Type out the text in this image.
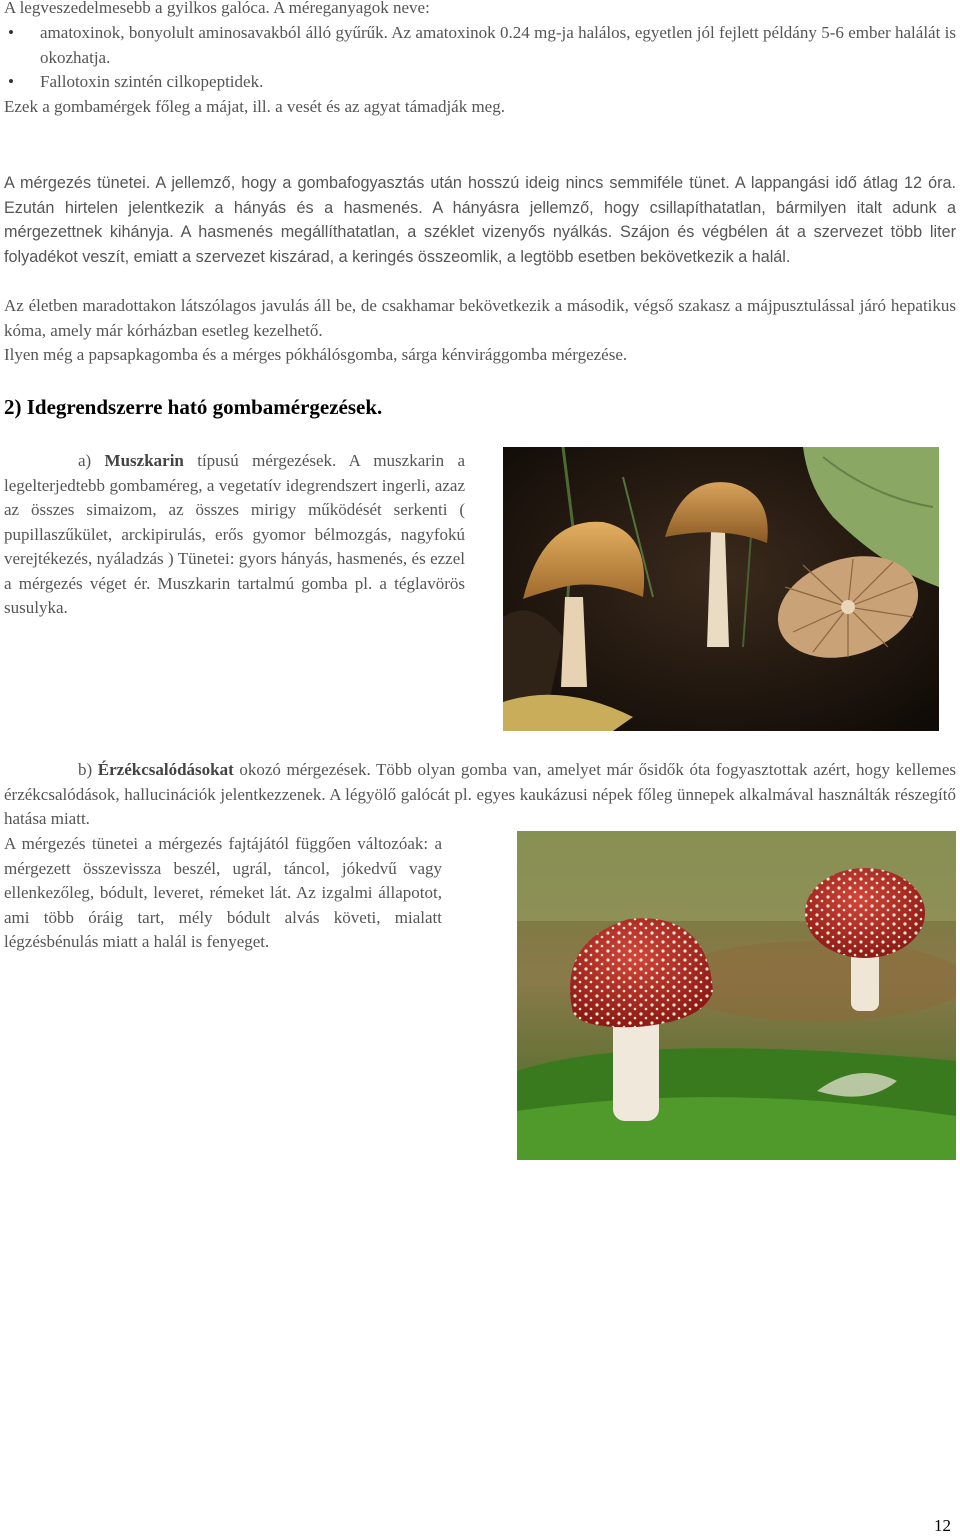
A legveszedelmesebb a gyilkos galóca. A méreganyagok neve:

• amatoxinok, bonyolult aminosavakból álló gyűrűk. Az amatoxinok 0.24 mg-ja halálos, egyetlen jól fejlett példány 5-6 ember halálát is okozhatja.
• Fallotoxin szintén cilkopeptidek.

Ezek a gombamérgek főleg a májat, ill. a vesét és az agyat támadják meg.

A mérgezés tünetei. A jellemző, hogy a gombafogyasztás után hosszú ideig nincs semmiféle tünet. A lappangási idő átlag 12 óra. Ezután hirtelen jelentkezik a hányás és a hasmenés. A hányásra jellemző, hogy csillapíthatatlan, bármilyen italt adunk a mérgezettnek kihányja. A hasmenés megállíthatatlan, a széklet vizenyős nyálkás. Szájon és végbélen át a szervezet több liter folyadékot veszít, emiatt a szervezet kiszárad, a keringés összeomlik, a legtöbb esetben bekövetkezik a halál.

Az életben maradottakon látszólagos javulás áll be, de csakhamar bekövetkezik a második, végső szakasz a májpusztulással járó hepatikus kóma, amely már kórházban esetleg kezelhető.

Ilyen még a papsapkagomba és a mérges pókhálósgomba, sárga kénvirággomba mérgezése.

2) Idegrendszerre ható gombamérgezések.

a) Muszkarin típusú mérgezések. A muszkarin a legelterjedtebb gombaméreg, a vegetatív idegrendszert ingerli, azaz az összes simaizom, az összes mirigy működését serkenti ( pupillaszűkület, arckipirulás, erős gyomor bélmozgás, nagyfokú verejtékezés, nyáladzás ) Tünetei: gyors hányás, hasmenés, és ezzel a mérgezés véget ér. Muszkarin tartalmú gomba pl. a téglavörös susulyka.

b) Érzékcsalódásokat okozó mérgezések. Több olyan gomba van, amelyet már ősidők óta fogyasztottak azért, hogy kellemes érzékcsalódások, hallucinációk jelentkezzenek. A légyölő galócát pl. egyes kaukázusi népek főleg ünnepek alkalmával használták részegítő hatása miatt.

A mérgezés tünetei a mérgezés fajtájától függően változóak: a mérgezett összevissza beszél, ugrál, táncol, jókedvű vagy ellenkezőleg, bódult, leveret, rémeket lát. Az izgalmi állapotot, ami több óráig tart, mély bódult alvás követi, mialatt légzésbénulás miatt a halál is fenyeget.

12
